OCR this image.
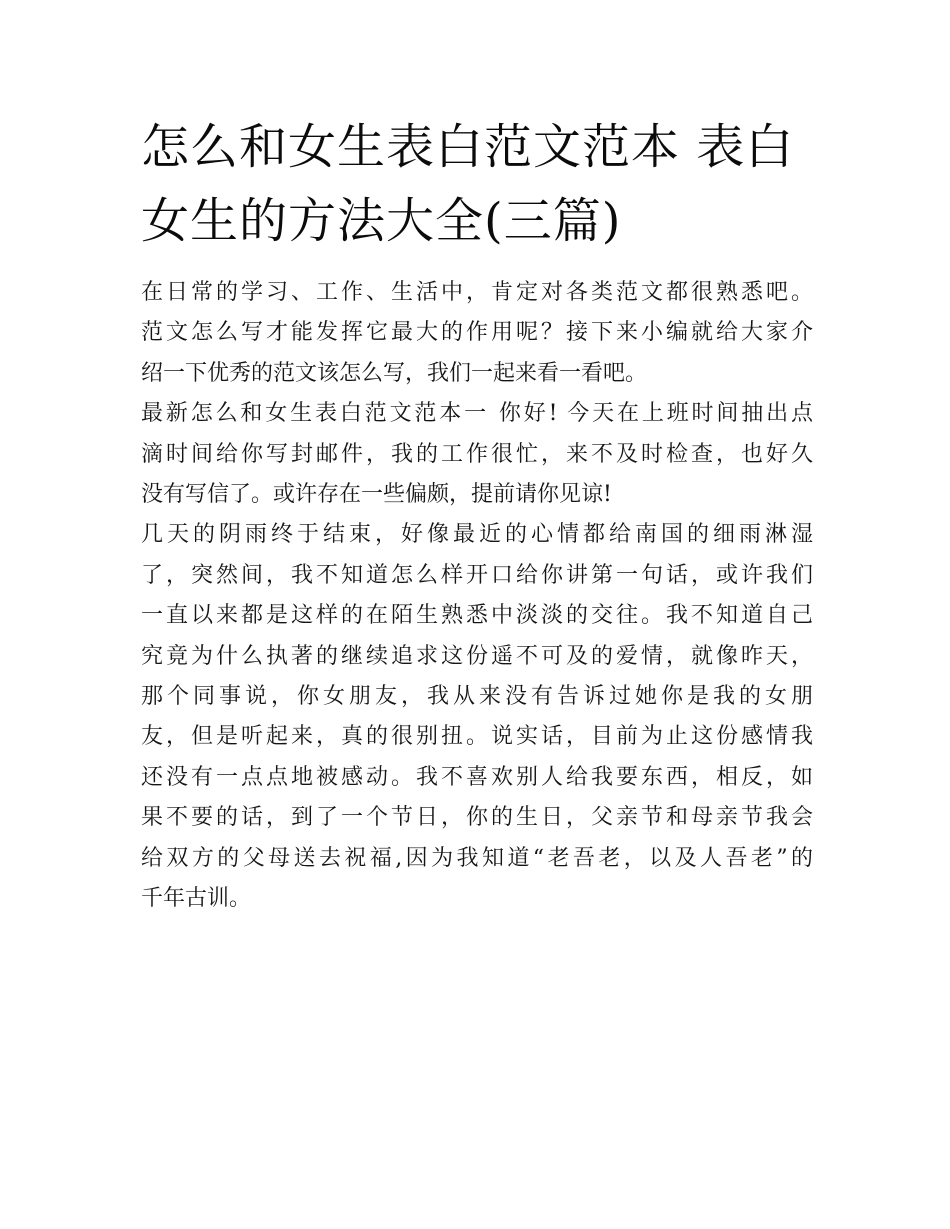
怎么和女生表白范文范本 表白
女生的方法大全(三篇)

在日常的学习、工作、生活中，肯定对各类范文都很熟悉吧。
范文怎么写才能发挥它最大的作用呢？接下来小编就给大家介
绍一下优秀的范文该怎么写，我们一起来看一看吧。

最新怎么和女生表白范文范本一 你好! 今天在上班时间抽出点
滴时间给你写封邮件，我的工作很忙，来不及时检查，也好久
没有写信了。或许存在一些偏颇，提前请你见谅!

几天的阴雨终于结束，好像最近的心情都给南国的细雨淋湿
了，突然间，我不知道怎么样开口给你讲第一句话，或许我们
一直以来都是这样的在陌生熟悉中淡淡的交往。我不知道自己
究竟为什么执著的继续追求这份遥不可及的爱情，就像昨天，
那个同事说，你女朋友，我从来没有告诉过她你是我的女朋
友，但是听起来，真的很别扭。说实话，目前为止这份感情我
还没有一点点地被感动。我不喜欢别人给我要东西，相反，如
果不要的话，到了一个节日，你的生日，父亲节和母亲节我会
给双方的父母送去祝福,因为我知道“老吾老，以及人吾老”的
千年古训。
